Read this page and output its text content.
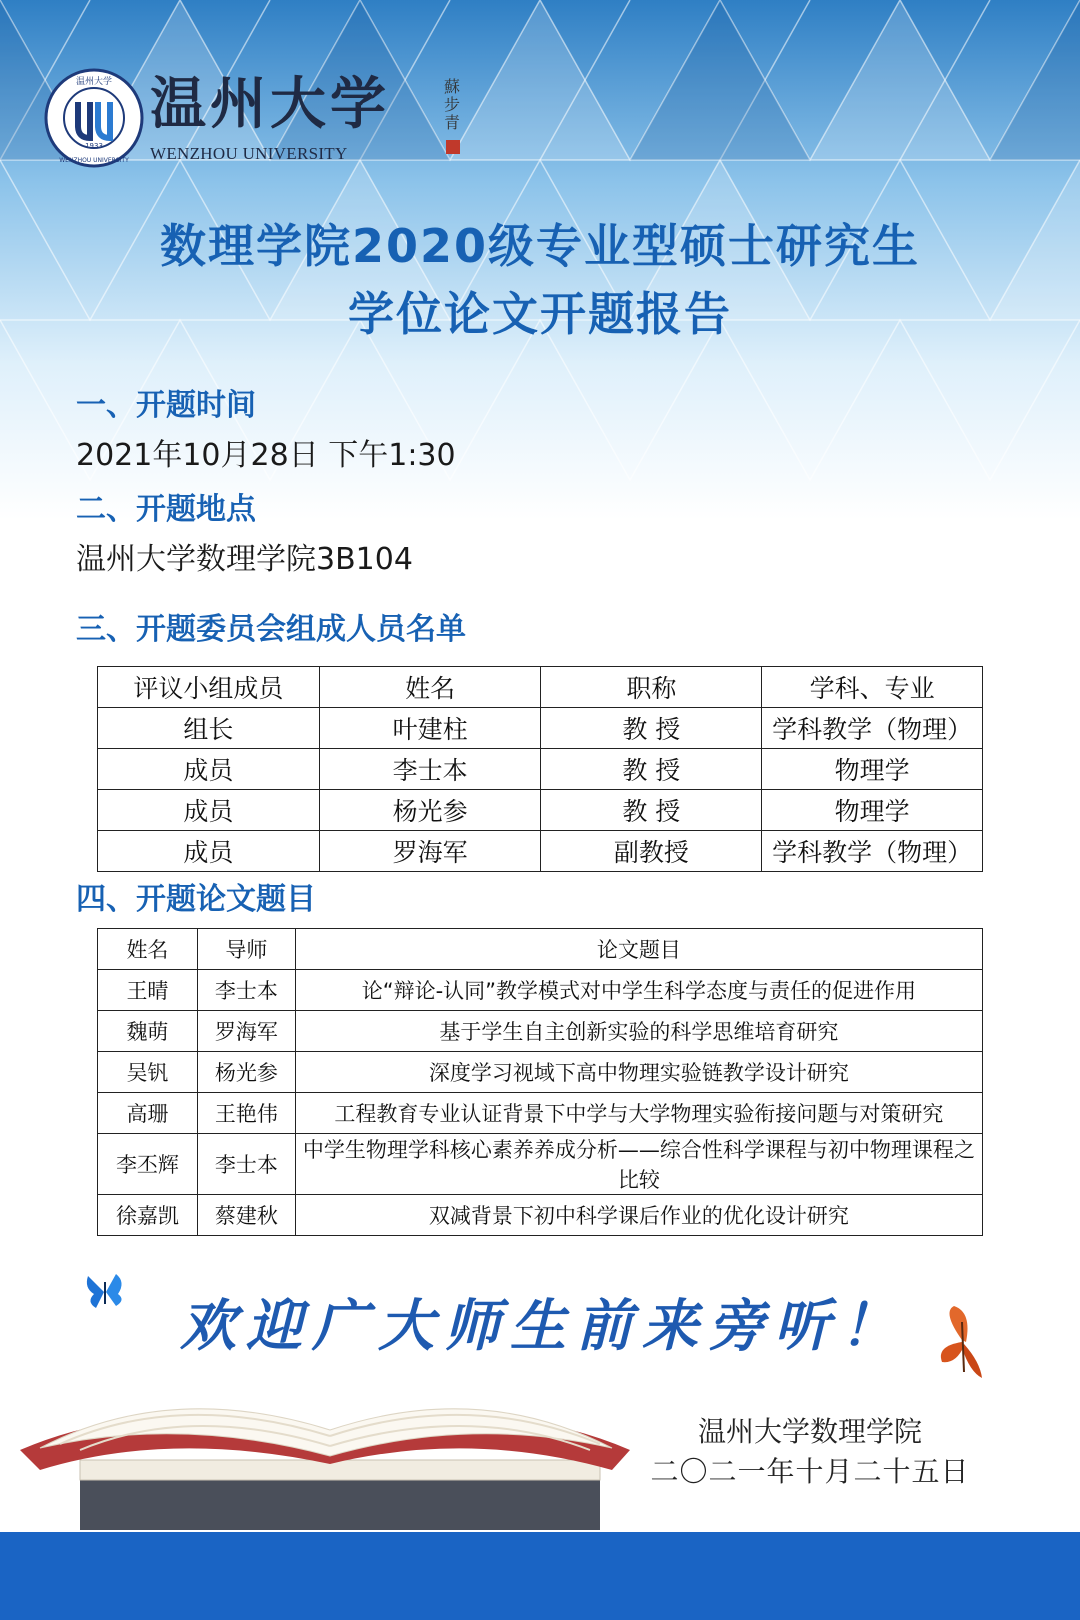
温州大学
WENZHOU UNIVERSITY
1933
温州大学
WENZHOU UNIVERSITY
蘇步青
数理学院2020级专业型硕士研究生
学位论文开题报告
一、开题时间
2021年10月28日 下午1:30
二、开题地点
温州大学数理学院3B104
三、开题委员会组成人员名单
评议小组成员	姓名	职称	学科、专业
组长	叶建柱	教 授	学科教学（物理）
成员	李士本	教 授	物理学
成员	杨光参	教 授	物理学
成员	罗海军	副教授	学科教学（物理）
四、开题论文题目
姓名	导师	论文题目
王晴	李士本	论“辩论-认同”教学模式对中学生科学态度与责任的促进作用
魏萌	罗海军	基于学生自主创新实验的科学思维培育研究
吴钒	杨光参	深度学习视域下高中物理实验链教学设计研究
高珊	王艳伟	工程教育专业认证背景下中学与大学物理实验衔接问题与对策研究
李丕辉	李士本	中学生物理学科核心素养养成分析——综合性科学课程与初中物理课程之比较
徐嘉凯	蔡建秋	双减背景下初中科学课后作业的优化设计研究
欢迎广大师生前来旁听！
温州大学数理学院
二〇二一年十月二十五日
